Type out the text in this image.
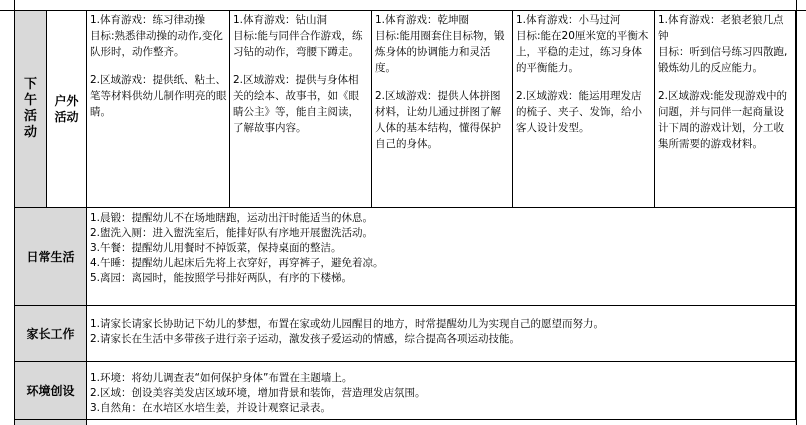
下午活动
户外活动

1.体育游戏：练习律动操

目标:熟悉律动操的动作,变化队形时，动作整齐。

2.区域游戏：提供纸、粘土、笔等材料供幼儿制作明亮的眼睛。

1.体育游戏：钻山洞

目标:能与同伴合作游戏，练习钻的动作，弯腰下蹲走。

2.区域游戏：提供与身体相关的绘本、故事书，如《眼睛公主》等，能自主阅读，了解故事内容。

1.体育游戏：乾坤圈

目标:能用圈套住目标物，锻炼身体的协调能力和灵活度。

2.区域游戏：提供人体拼图材料，让幼儿通过拼图了解人体的基本结构，懂得保护自己的身体。

1.体育游戏：小马过河

目标:能在20厘米宽的平衡木上，平稳的走过，练习身体的平衡能力。

2.区域游戏：能运用理发店的梳子、夹子、发饰，给小客人设计发型。

1.体育游戏：老狼老狼几点钟

目标：听到信号练习四散跑,锻炼幼儿的反应能力。

2.区域游戏:能发现游戏中的问题，并与同伴一起商量设计下周的游戏计划，分工收集所需要的游戏材料。

日常生活

1.晨锻：提醒幼儿不在场地瞎跑，运动出汗时能适当的休息。

2.盥洗入厕：进入盥洗室后，能排好队有序地开展盥洗活动。

3.午餐：提醒幼儿用餐时不掉饭菜，保持桌面的整洁。

4.午睡：提醒幼儿起床后先将上衣穿好，再穿裤子，避免着凉。

5.离园：离园时，能按照学号排好两队，有序的下楼梯。

家长工作

1.请家长请家长协助记下幼儿的梦想，布置在家或幼儿园醒目的地方，时常提醒幼儿为实现自己的愿望而努力。

2.请家长在生活中多带孩子进行亲子运动，激发孩子爱运动的情感，综合提高各项运动技能。

环境创设

1.环境：将幼儿调查表“如何保护身体”布置在主题墙上。

2.区域：创设美容美发店区域环境，增加背景和装饰，营造理发店氛围。

3.自然角：在水培区水培生姜，并设计观察记录表。
